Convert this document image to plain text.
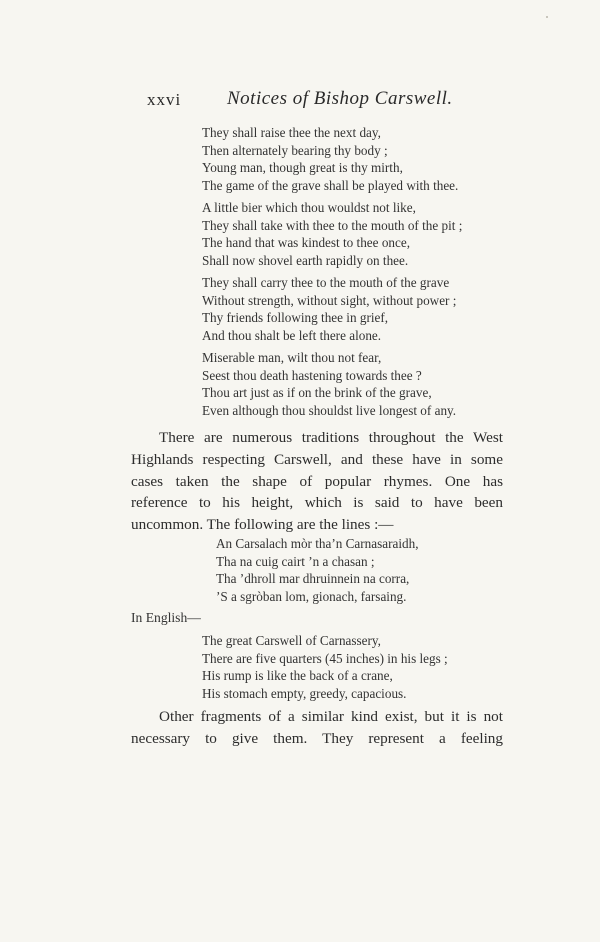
xxvi Notices of Bishop Carswell.
They shall raise thee the next day,
Then alternately bearing thy body ;
Young man, though great is thy mirth,
The game of the grave shall be played with thee.
A little bier which thou wouldst not like,
They shall take with thee to the mouth of the pit ;
The hand that was kindest to thee once,
Shall now shovel earth rapidly on thee.
They shall carry thee to the mouth of the grave
Without strength, without sight, without power ;
Thy friends following thee in grief,
And thou shalt be left there alone.
Miserable man, wilt thou not fear,
Seest thou death hastening towards thee ?
Thou art just as if on the brink of the grave,
Even although thou shouldst live longest of any.
There are numerous traditions throughout the West
Highlands respecting Carswell, and these have in some
cases taken the shape of popular rhymes. One has
reference to his height, which is said to have been
uncommon. The following are the lines :—
An Carsalach mòr tha’n Carnasaraidh,
Tha na cuig cairt ’n a chasan ;
Tha ’dhroll mar dhruinnein na corra,
’S a sgròban lom, gionach, farsaing.
In English—
The great Carswell of Carnassery,
There are five quarters (45 inches) in his legs ;
His rump is like the back of a crane,
His stomach empty, greedy, capacious.
Other fragments of a similar kind exist, but it is not
necessary to give them. They represent a feeling
